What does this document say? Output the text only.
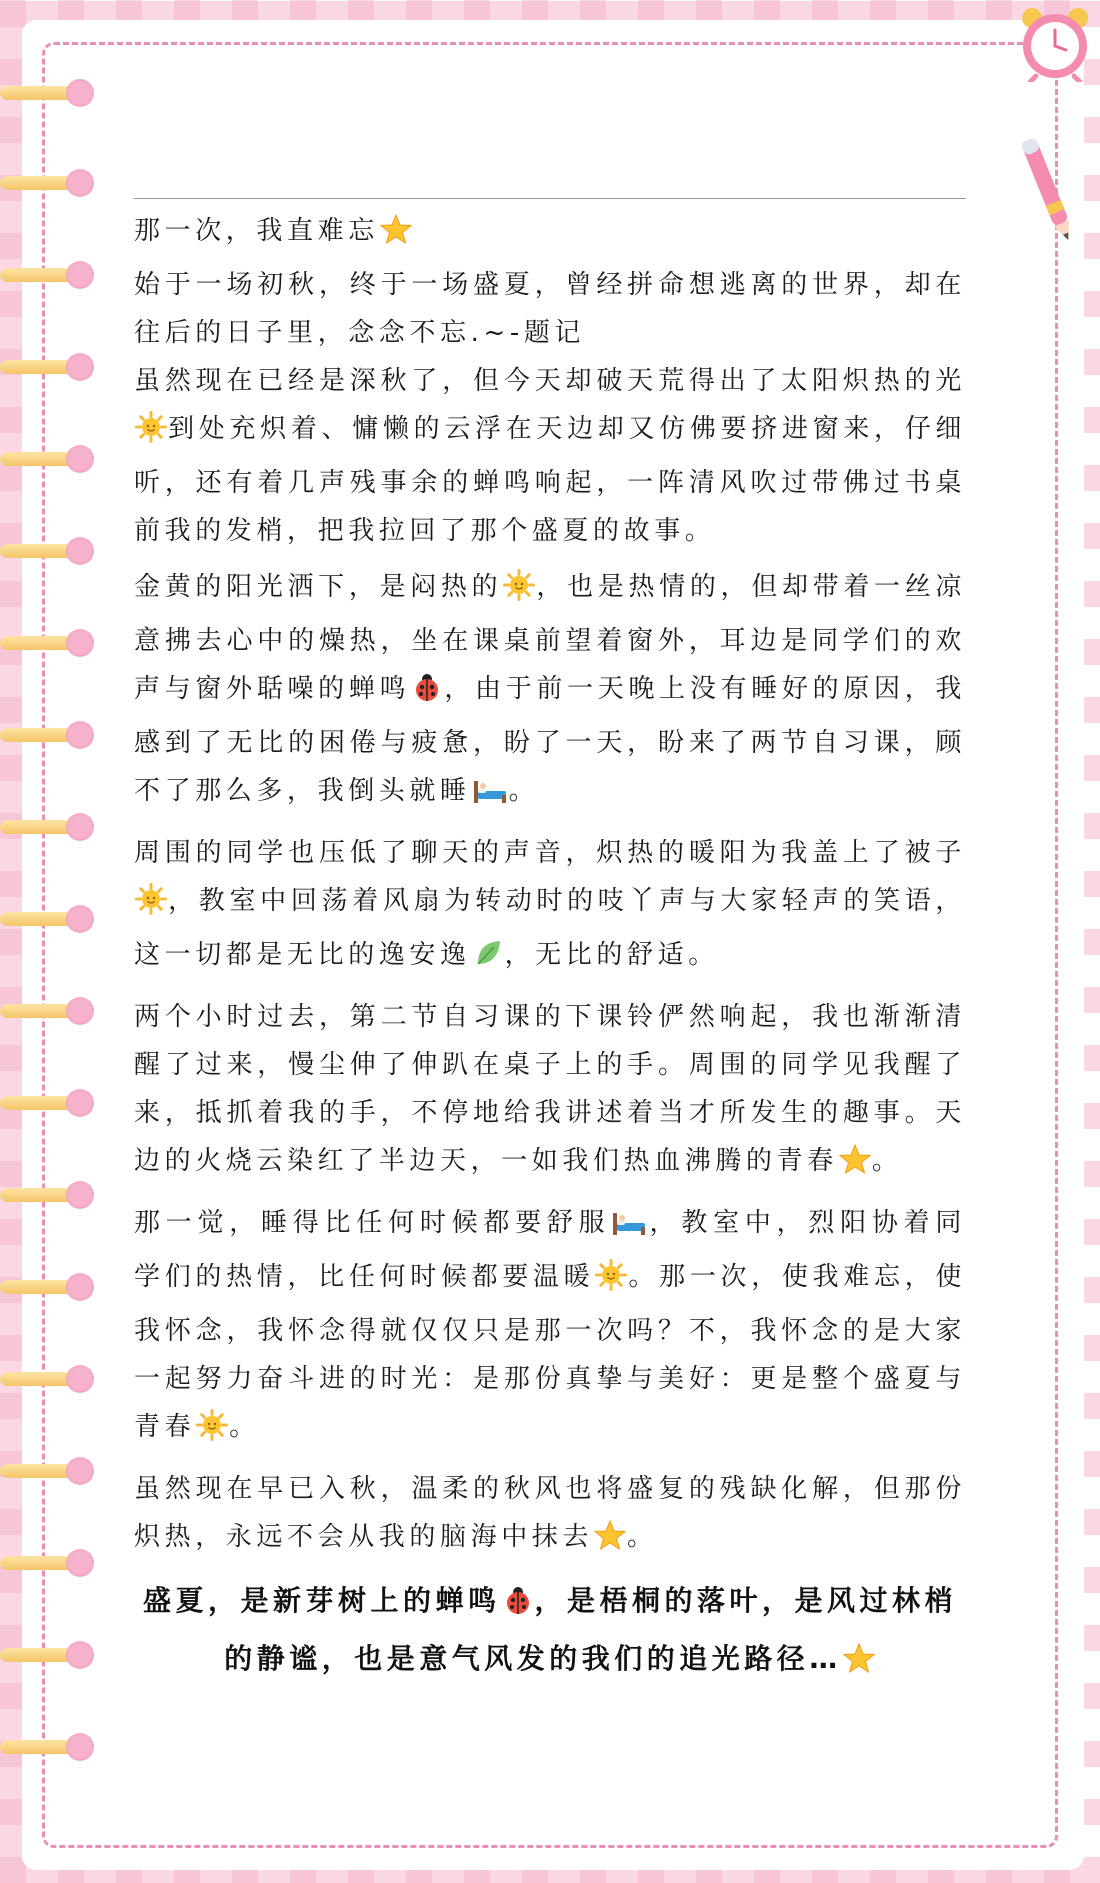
那一次，我直难忘

始于一场初秋，终于一场盛夏，曾经拼命想逃离的世界，却在往后的日子里，念念不忘.~-题记

虽然现在已经是深秋了，但今天却破天荒得出了太阳炽热的光到处充炽着、慵懒的云浮在天边却又仿佛要挤进窗来，仔细听，还有着几声残事余的蝉鸣响起，一阵清风吹过带佛过书桌前我的发梢，把我拉回了那个盛夏的故事。

金黄的阳光洒下，是闷热的 ，也是热情的，但却带着一丝凉意拂去心中的燥热，坐在课桌前望着窗外，耳边是同学们的欢声与窗外聒噪的蝉鸣 ，由于前一天晚上没有睡好的原因，我感到了无比的困倦与疲惫，盼了一天，盼来了两节自习课，顾不了那么多，我倒头就睡 。

周围的同学也压低了聊天的声音，炽热的暖阳为我盖上了被子，教室中回荡着风扇为转动时的吱丫声与大家轻声的笑语，这一切都是无比的逸安逸 ，无比的舒适。

两个小时过去，第二节自习课的下课铃俨然响起，我也渐渐清醒了过来，慢尘伸了伸趴在桌子上的手。周围的同学见我醒了来，抵抓着我的手，不停地给我讲述着当才所发生的趣事。天边的火烧云染红了半边天，一如我们热血沸腾的青春 。

那一觉，睡得比任何时候都要舒服 ，教室中，烈阳协着同学们的热情，比任何时候都要温暖 。那一次，使我难忘，使我怀念，我怀念得就仅仅只是那一次吗？不，我怀念的是大家一起努力奋斗进的时光：是那份真挚与美好：更是整个盛夏与青春 。

虽然现在早已入秋，温柔的秋风也将盛复的残缺化解，但那份炽热，永远不会从我的脑海中抹去 。

盛夏，是新芽树上的蝉鸣 ，是梧桐的落叶，是风过林梢的静谧，也是意气风发的我们的追光路径…
